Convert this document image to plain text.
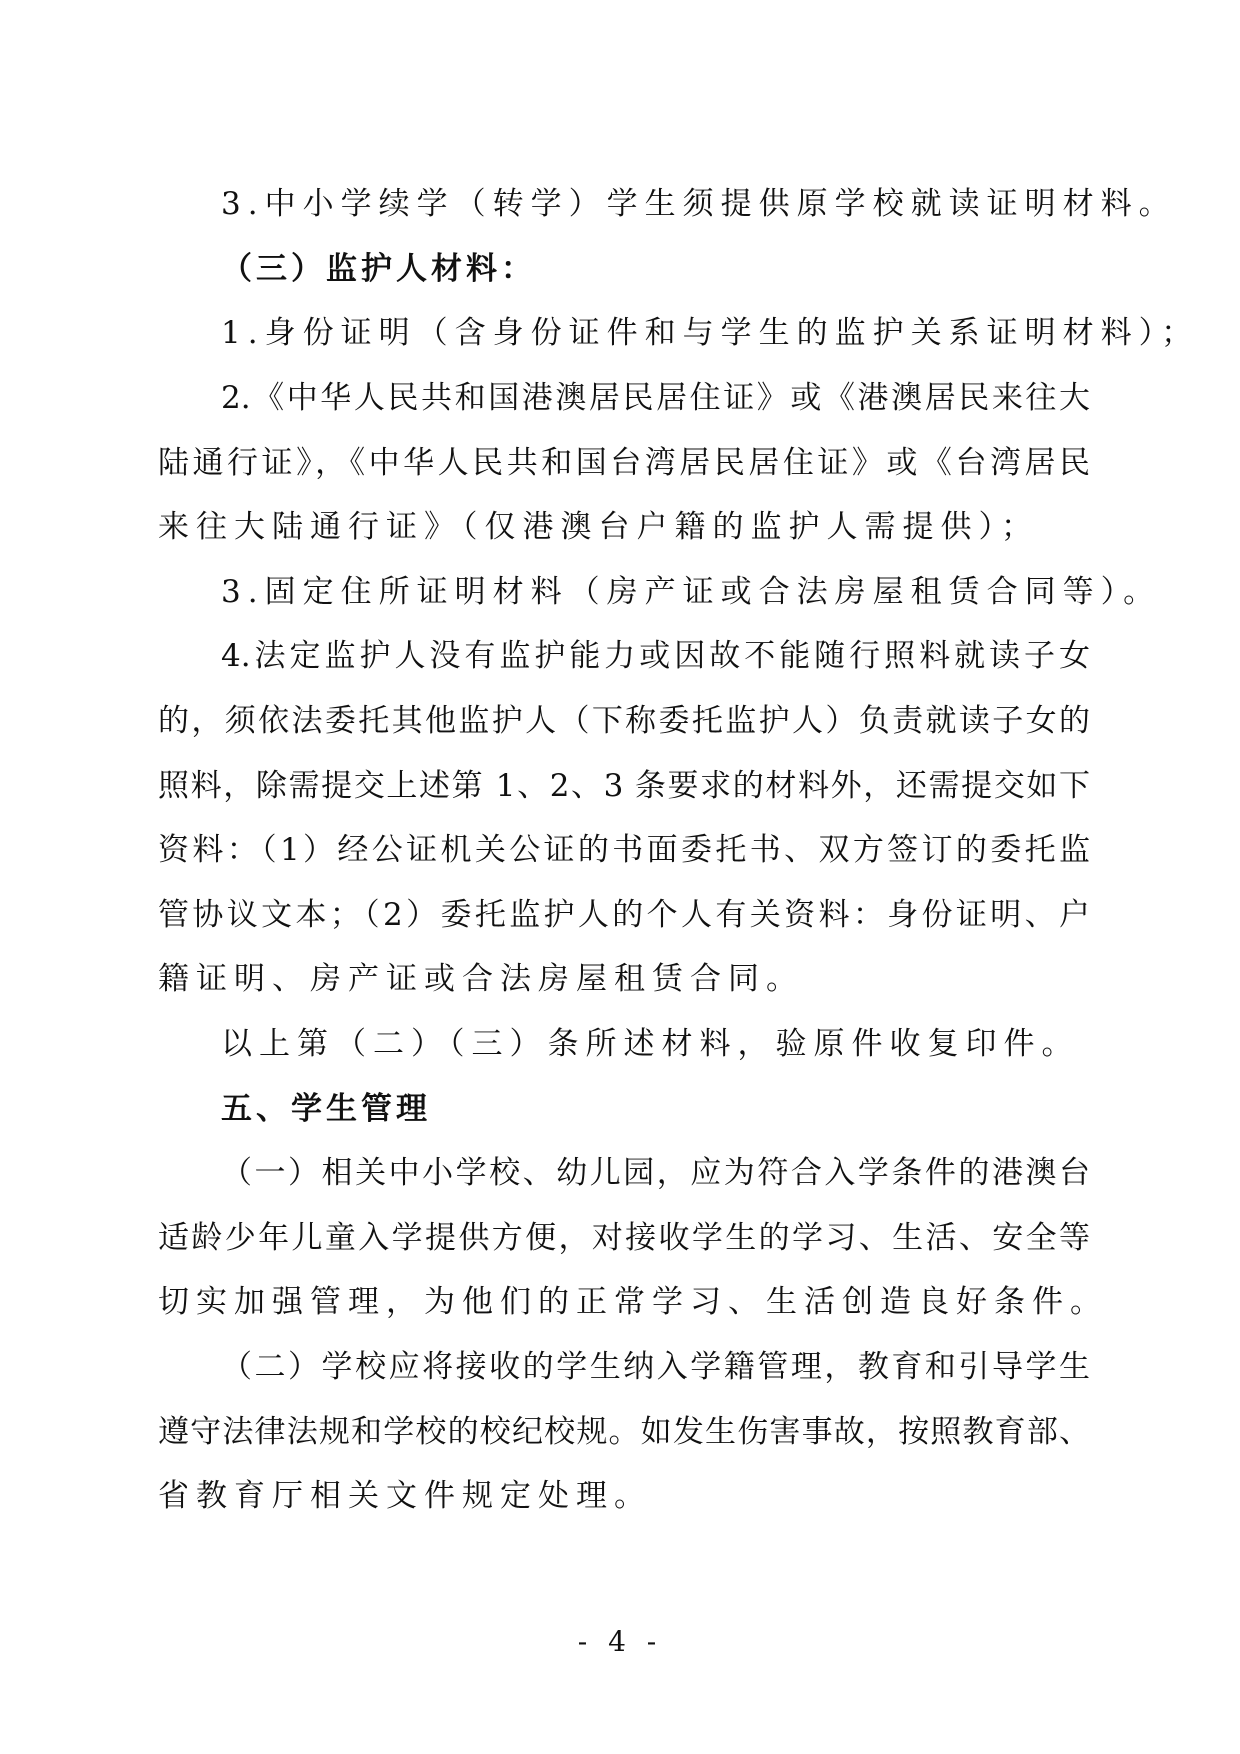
3.中小学续学（转学）学生须提供原学校就读证明材料。
（三）监护人材料：
1.身份证明（含身份证件和与学生的监护关系证明材料）；
2.《中华人民共和国港澳居民居住证》或《港澳居民来往大
陆通行证》，《中华人民共和国台湾居民居住证》或《台湾居民
来往大陆通行证》（仅港澳台户籍的监护人需提供）；
3.固定住所证明材料（房产证或合法房屋租赁合同等）。
4.法定监护人没有监护能力或因故不能随行照料就读子女
的，须依法委托其他监护人（下称委托监护人）负责就读子女的
照料，除需提交上述第 1、2、3 条要求的材料外，还需提交如下
资料：（1）经公证机关公证的书面委托书、双方签订的委托监
管协议文本；（2）委托监护人的个人有关资料：身份证明、户
籍证明、房产证或合法房屋租赁合同。
以上第（二）（三）条所述材料，验原件收复印件。
五、学生管理
（一）相关中小学校、幼儿园，应为符合入学条件的港澳台
适龄少年儿童入学提供方便，对接收学生的学习、生活、安全等
切实加强管理，为他们的正常学习、生活创造良好条件。
（二）学校应将接收的学生纳入学籍管理，教育和引导学生
遵守法律法规和学校的校纪校规。如发生伤害事故，按照教育部、
省教育厅相关文件规定处理。
- 4 -
